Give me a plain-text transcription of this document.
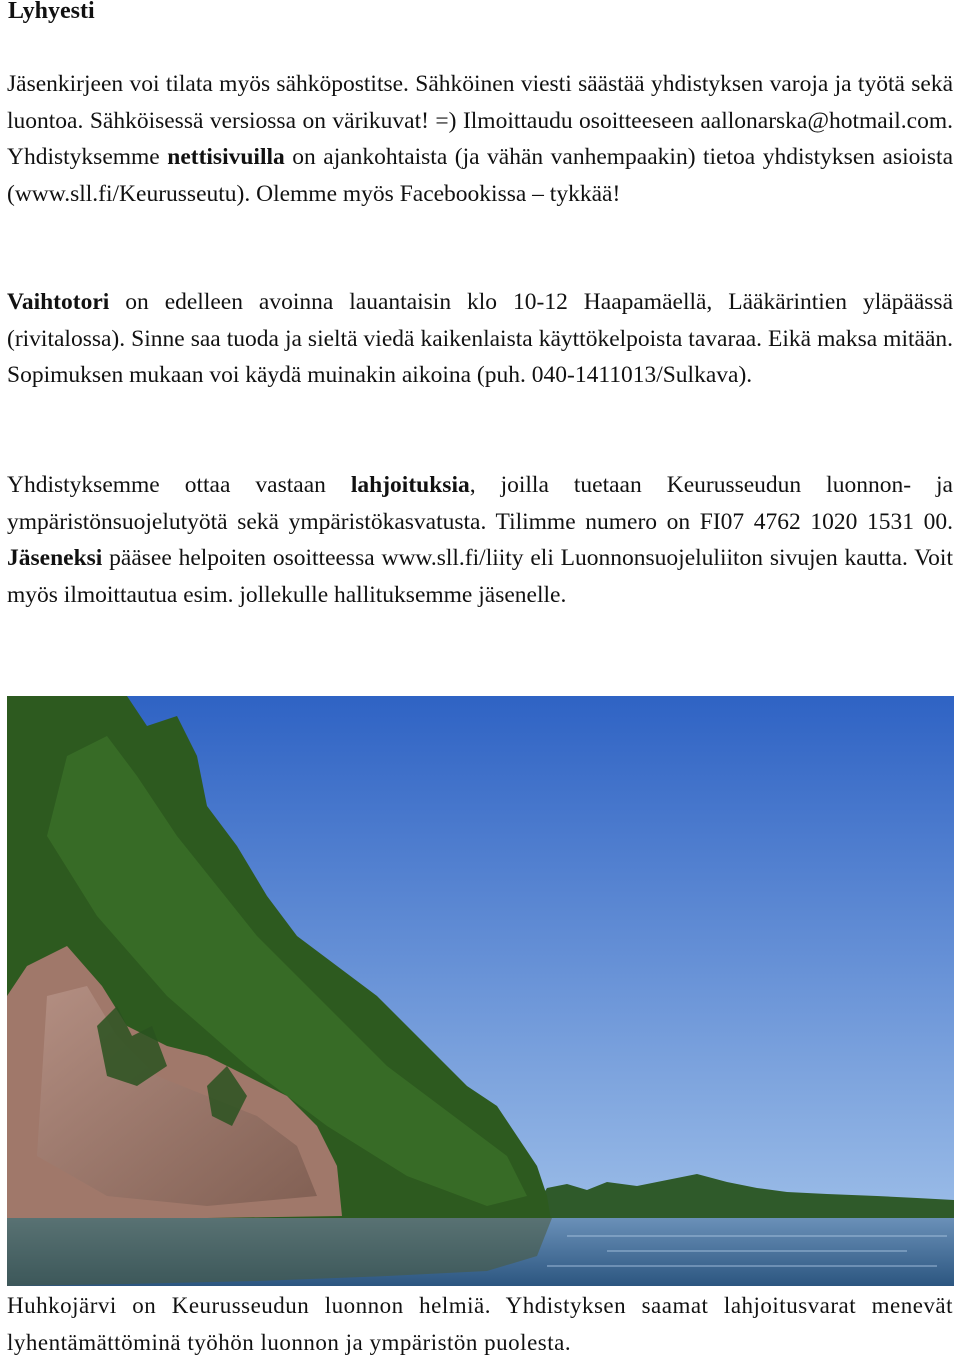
Lyhyesti

Jäsenkirjeen voi tilata myös sähköpostitse. Sähköinen viesti säästää yhdistyksen varoja ja työtä sekä luontoa. Sähköisessä versiossa on värikuvat! =) Ilmoittaudu osoitteeseen aallonarska@hotmail.com. Yhdistyksemme nettisivuilla on ajankohtaista (ja vähän vanhempaakin) tietoa yhdistyksen asioista (www.sll.fi/Keurusseutu). Olemme myös Facebookissa – tykkää!

Vaihtotori on edelleen avoinna lauantaisin klo 10-12 Haapamäellä, Lääkärintien yläpäässä (rivitalossa). Sinne saa tuoda ja sieltä viedä kaikenlaista käyttökelpoista tavaraa. Eikä maksa mitään. Sopimuksen mukaan voi käydä muinakin aikoina (puh. 040-1411013/Sulkava).

Yhdistyksemme ottaa vastaan lahjoituksia, joilla tuetaan Keurusseudun luonnon- ja ympäristönsuojelutyötä sekä ympäristökasvatusta. Tilimme numero on FI07 4762 1020 1531 00. Jäseneksi pääsee helpoiten osoitteessa www.sll.fi/liity eli Luonnonsuojeluliiton sivujen kautta. Voit myös ilmoittautua esim. jollekulle hallituksemme jäsenelle.

Huhkojärvi on Keurusseudun luonnon helmiä. Yhdistyksen saamat lahjoitusvarat menevät lyhentämättöminä työhön luonnon ja ympäristön puolesta.
